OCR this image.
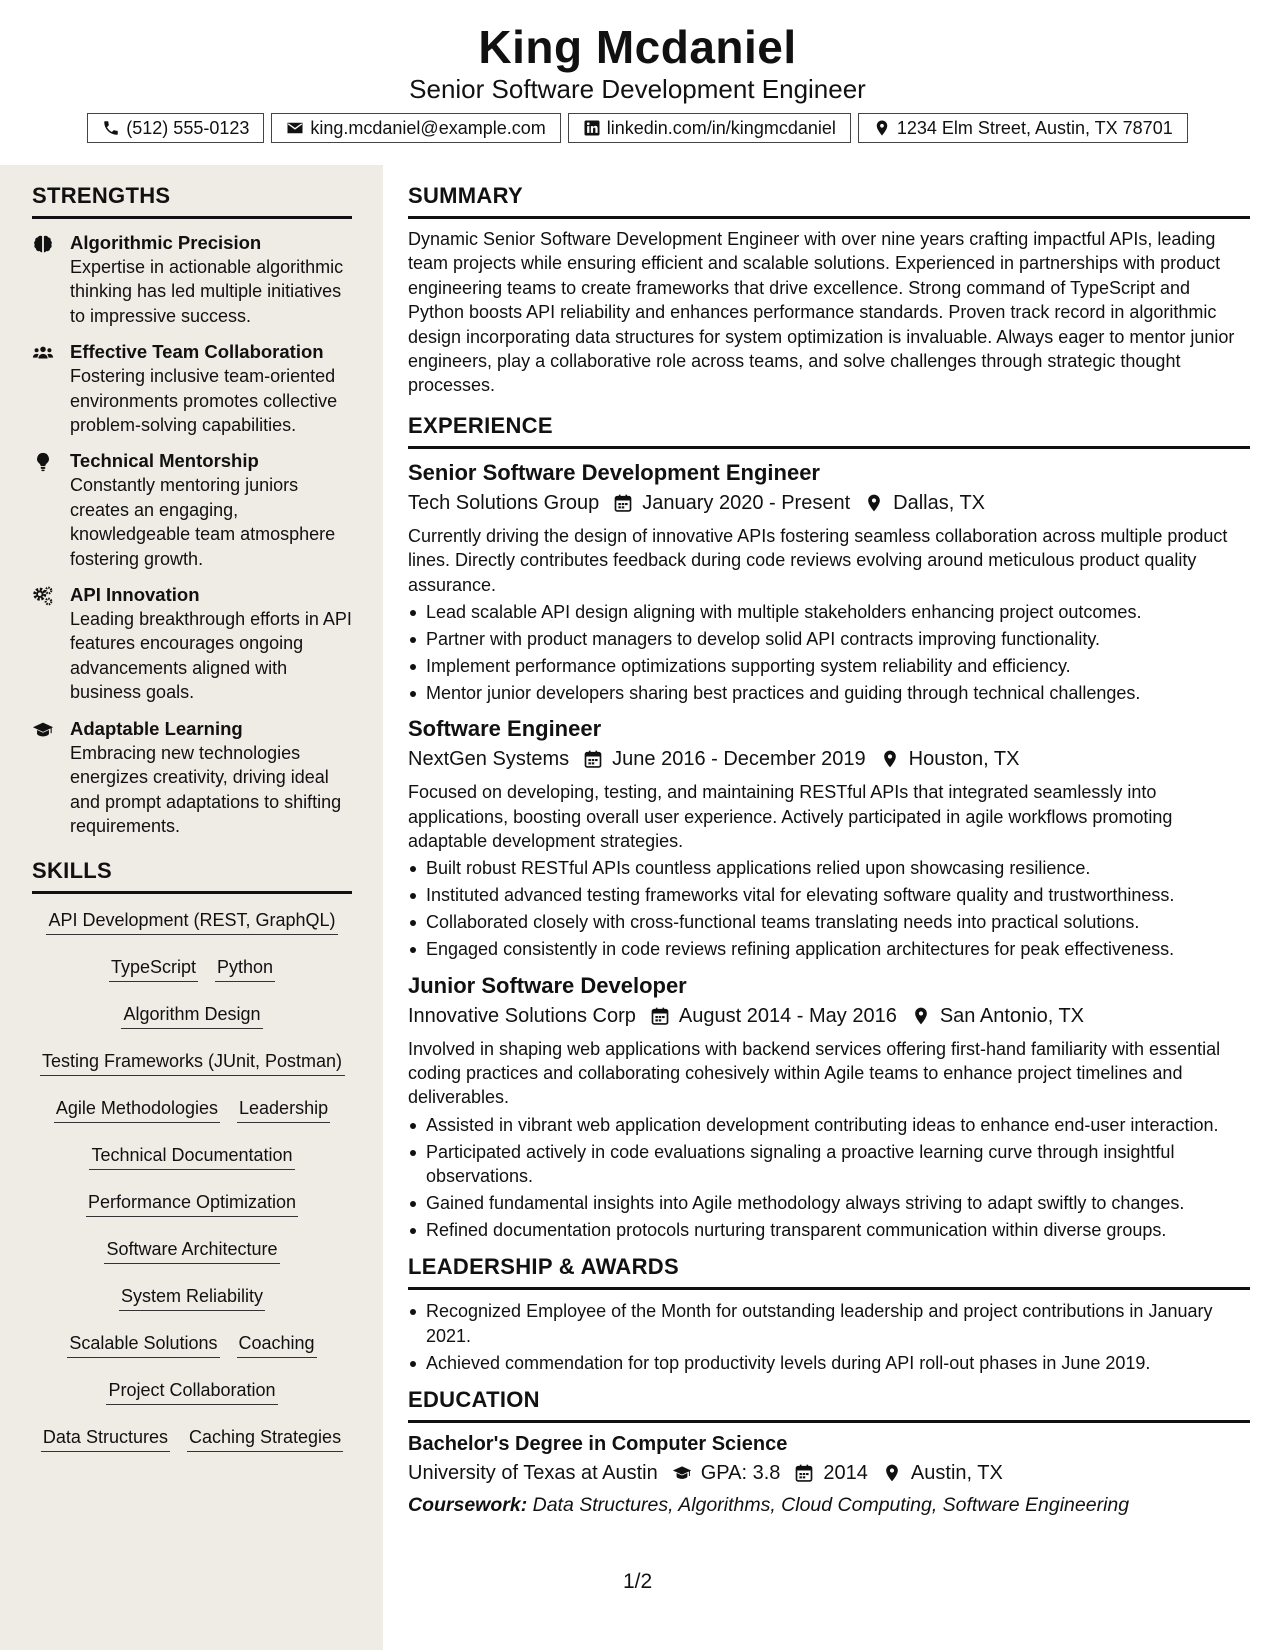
King Mcdaniel
Senior Software Development Engineer
(512) 555-0123	king.mcdaniel@example.com	linkedin.com/in/kingmcdaniel	1234 Elm Street, Austin, TX 78701
STRENGTHS
Algorithmic Precision
Expertise in actionable algorithmic thinking has led multiple initiatives to impressive success.
Effective Team Collaboration
Fostering inclusive team-oriented environments promotes collective problem-solving capabilities.
Technical Mentorship
Constantly mentoring juniors creates an engaging, knowledgeable team atmosphere fostering growth.
API Innovation
Leading breakthrough efforts in API features encourages ongoing advancements aligned with business goals.
Adaptable Learning
Embracing new technologies energizes creativity, driving ideal and prompt adaptations to shifting requirements.
SKILLS
API Development (REST, GraphQL)
TypeScript Python
Algorithm Design
Testing Frameworks (JUnit, Postman)
Agile Methodologies Leadership
Technical Documentation
Performance Optimization
Software Architecture
System Reliability
Scalable Solutions Coaching
Project Collaboration
Data Structures Caching Strategies
SUMMARY

Dynamic Senior Software Development Engineer with over nine years crafting impactful APIs, leading team projects while ensuring efficient and scalable solutions. Experienced in partnerships with product engineering teams to create frameworks that drive excellence. Strong command of TypeScript and Python boosts API reliability and enhances performance standards. Proven track record in algorithmic design incorporating data structures for system optimization is invaluable. Always eager to mentor junior engineers, play a collaborative role across teams, and solve challenges through strategic thought processes.

EXPERIENCE
Senior Software Development Engineer
Tech Solutions Group January 2020 - Present Dallas, TX

Currently driving the design of innovative APIs fostering seamless collaboration across multiple product lines. Directly contributes feedback during code reviews evolving around meticulous product quality assurance.

Lead scalable API design aligning with multiple stakeholders enhancing project outcomes.
Partner with product managers to develop solid API contracts improving functionality.
Implement performance optimizations supporting system reliability and efficiency.
Mentor junior developers sharing best practices and guiding through technical challenges.
Software Engineer
NextGen Systems June 2016 - December 2019 Houston, TX

Focused on developing, testing, and maintaining RESTful APIs that integrated seamlessly into applications, boosting overall user experience. Actively participated in agile workflows promoting adaptable development strategies.

Built robust RESTful APIs countless applications relied upon showcasing resilience.
Instituted advanced testing frameworks vital for elevating software quality and trustworthiness.
Collaborated closely with cross-functional teams translating needs into practical solutions.
Engaged consistently in code reviews refining application architectures for peak effectiveness.
Junior Software Developer
Innovative Solutions Corp August 2014 - May 2016 San Antonio, TX

Involved in shaping web applications with backend services offering first-hand familiarity with essential coding practices and collaborating cohesively within Agile teams to enhance project timelines and deliverables.

Assisted in vibrant web application development contributing ideas to enhance end-user interaction.
Participated actively in code evaluations signaling a proactive learning curve through insightful observations.
Gained fundamental insights into Agile methodology always striving to adapt swiftly to changes.
Refined documentation protocols nurturing transparent communication within diverse groups.
LEADERSHIP & AWARDS
Recognized Employee of the Month for outstanding leadership and project contributions in January 2021.
Achieved commendation for top productivity levels during API roll-out phases in June 2019.
EDUCATION
Bachelor's Degree in Computer Science
University of Texas at Austin GPA: 3.8 2014 Austin, TX
Coursework: Data Structures, Algorithms, Cloud Computing, Software Engineering
1/2
